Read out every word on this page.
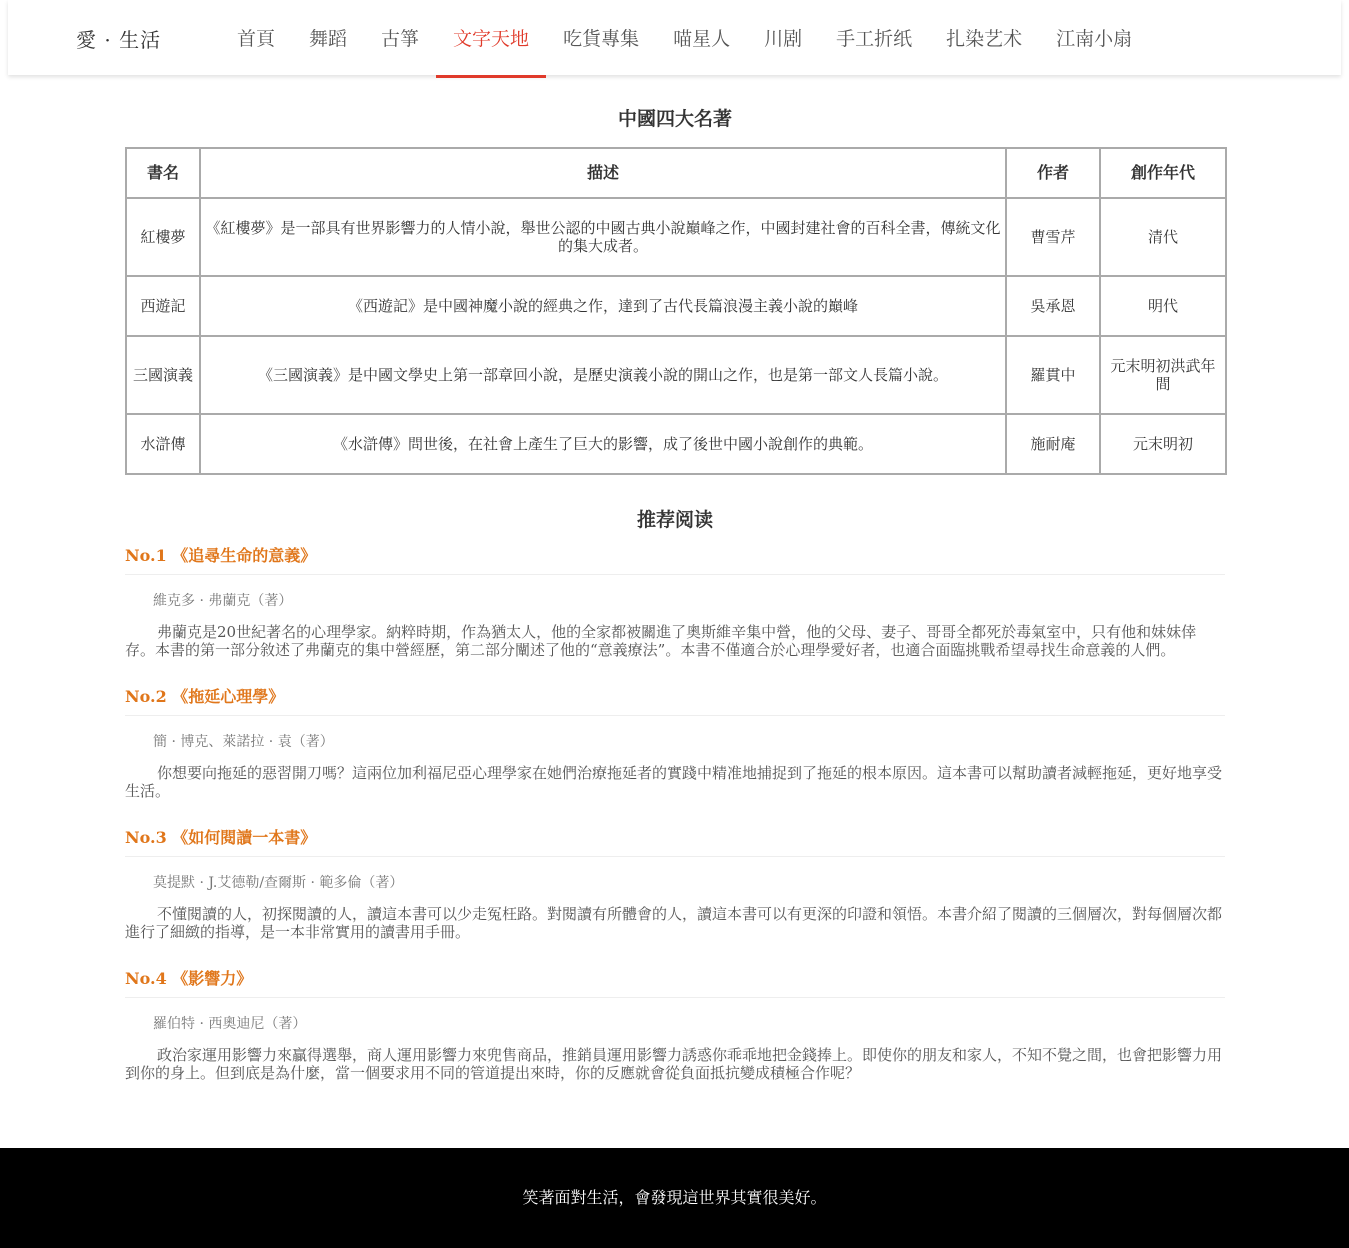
愛 · 生活	首頁	舞蹈	古箏	文字天地	吃貨專集	喵星人	川剧	手工折纸	扎染艺术	江南小扇
中國四大名著
書名	描述	作者	創作年代
紅樓夢	《紅樓夢》是一部具有世界影響力的人情小說，舉世公認的中國古典小說巔峰之作，中國封建社會的百科全書，傳統文化的集大成者。	曹雪芹	清代
西遊記	《西遊記》是中國神魔小說的經典之作，達到了古代長篇浪漫主義小說的巔峰	吳承恩	明代
三國演義	《三國演義》是中國文學史上第一部章回小說，是歷史演義小說的開山之作，也是第一部文人長篇小說。	羅貫中	元末明初洪武年間
水滸傳	《水滸傳》問世後，在社會上產生了巨大的影響，成了後世中國小說創作的典範。	施耐庵	元末明初
推荐阅读
No.1 《追尋生命的意義》
維克多 · 弗蘭克（著）

弗蘭克是20世紀著名的心理學家。納粹時期，作為猶太人，他的全家都被關進了奧斯維辛集中營，他的父母、妻子、哥哥全都死於毒氣室中，只有他和妹妹倖存。本書的第一部分敘述了弗蘭克的集中營經歷，第二部分闡述了他的“意義療法”。本書不僅適合於心理學愛好者，也適合面臨挑戰希望尋找生命意義的人們。

No.2 《拖延心理學》
簡 · 博克、萊諾拉 · 袁（著）

你想要向拖延的惡習開刀嗎？這兩位加利福尼亞心理學家在她們治療拖延者的實踐中精准地捕捉到了拖延的根本原因。這本書可以幫助讀者減輕拖延，更好地享受生活。

No.3 《如何閱讀一本書》
莫提默 · J.艾德勒/查爾斯 · 範多倫（著）

不懂閱讀的人，初探閱讀的人，讀這本書可以少走冤枉路。對閱讀有所體會的人，讀這本書可以有更深的印證和領悟。本書介紹了閱讀的三個層次，對每個層次都進行了細緻的指導，是一本非常實用的讀書用手冊。

No.4 《影響力》
羅伯特 · 西奧迪尼（著）

政治家運用影響力來贏得選舉，商人運用影響力來兜售商品，推銷員運用影響力誘惑你乖乖地把金錢捧上。即使你的朋友和家人，不知不覺之間，也會把影響力用到你的身上。但到底是為什麼，當一個要求用不同的管道提出來時，你的反應就會從負面抵抗變成積極合作呢？

笑著面對生活，會發現這世界其實很美好。
